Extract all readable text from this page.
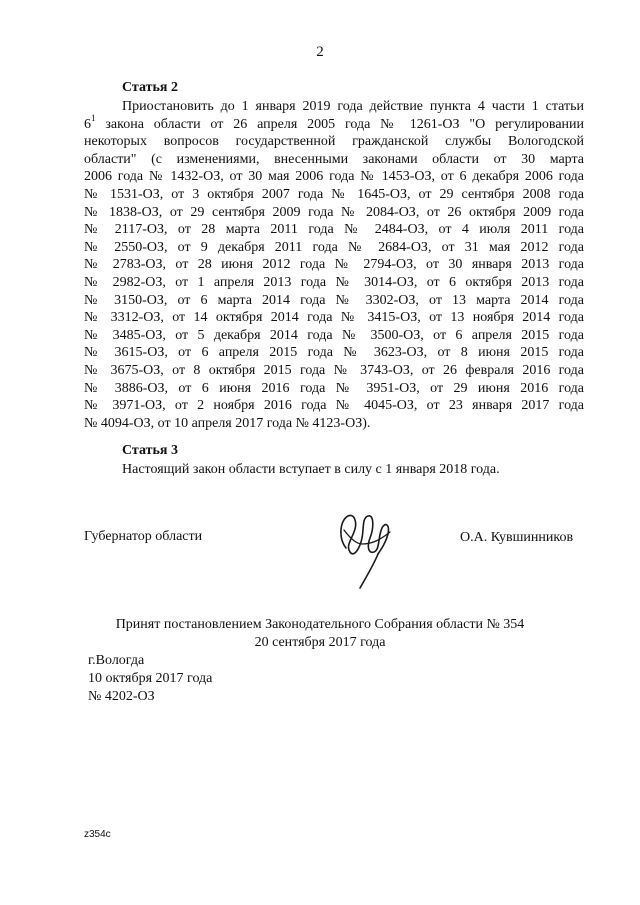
2
Статья 2
Приостановить до 1 января 2019 года действие пункта 4 части 1 статьи
$6^1$ закона области от 26 апреля 2005 года № 1261-ОЗ "О регулировании
некоторых вопросов государственной гражданской службы Вологодской
области" (с изменениями, внесенными законами области от 30 марта
2006 года № 1432-ОЗ, от 30 мая 2006 года № 1453-ОЗ, от 6 декабря 2006 года
№ 1531-ОЗ, от 3 октября 2007 года № 1645-ОЗ, от 29 сентября 2008 года
№ 1838-ОЗ, от 29 сентября 2009 года № 2084-ОЗ, от 26 октября 2009 года
№ 2117-ОЗ, от 28 марта 2011 года № 2484-ОЗ, от 4 июля 2011 года
№ 2550-ОЗ, от 9 декабря 2011 года № 2684-ОЗ, от 31 мая 2012 года
№ 2783-ОЗ, от 28 июня 2012 года № 2794-ОЗ, от 30 января 2013 года
№ 2982-ОЗ, от 1 апреля 2013 года № 3014-ОЗ, от 6 октября 2013 года
№ 3150-ОЗ, от 6 марта 2014 года № 3302-ОЗ, от 13 марта 2014 года
№ 3312-ОЗ, от 14 октября 2014 года № 3415-ОЗ, от 13 ноября 2014 года
№ 3485-ОЗ, от 5 декабря 2014 года № 3500-ОЗ, от 6 апреля 2015 года
№ 3615-ОЗ, от 6 апреля 2015 года № 3623-ОЗ, от 8 июня 2015 года
№ 3675-ОЗ, от 8 октября 2015 года № 3743-ОЗ, от 26 февраля 2016 года
№ 3886-ОЗ, от 6 июня 2016 года № 3951-ОЗ, от 29 июня 2016 года
№ 3971-ОЗ, от 2 ноября 2016 года № 4045-ОЗ, от 23 января 2017 года
№ 4094-ОЗ, от 10 апреля 2017 года № 4123-ОЗ).
Статья 3
Настоящий закон области вступает в силу с 1 января 2018 года.
Губернатор области	О.А. Кувшинников
Принят постановлением Законодательного Собрания области № 354
20 сентября 2017 года
г.Вологда
10 октября 2017 года
№ 4202-ОЗ
z354c
